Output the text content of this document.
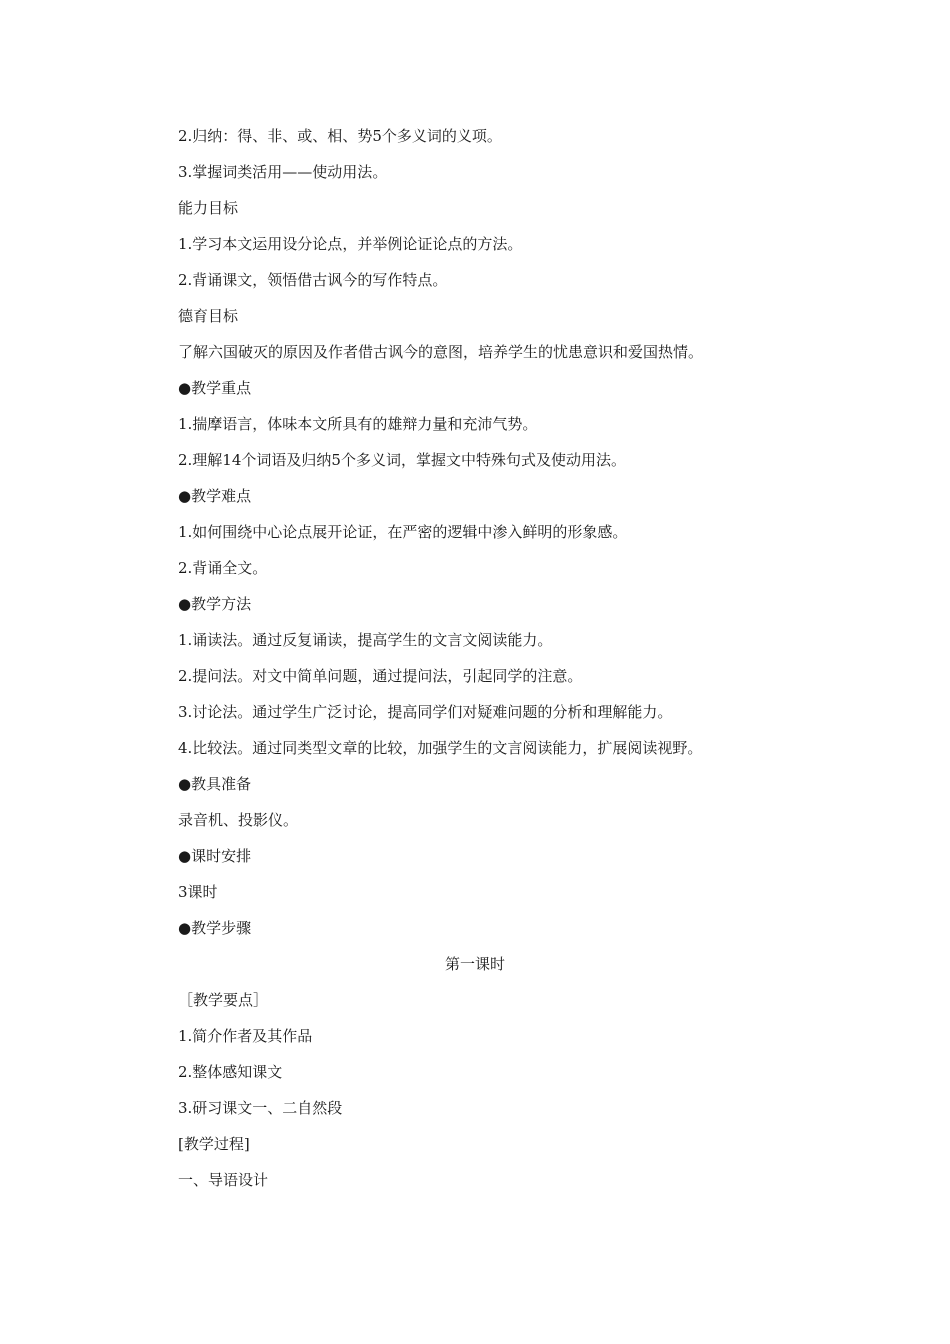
2.归纳：得、非、或、相、势5个多义词的义项。
3.掌握词类活用——使动用法。
能力目标
1.学习本文运用设分论点，并举例论证论点的方法。
2.背诵课文，领悟借古讽今的写作特点。
德育目标
了解六国破灭的原因及作者借古讽今的意图，培养学生的忧患意识和爱国热情。
●教学重点
1.揣摩语言，体味本文所具有的雄辩力量和充沛气势。
2.理解14个词语及归纳5个多义词，掌握文中特殊句式及使动用法。
●教学难点
1.如何围绕中心论点展开论证，在严密的逻辑中渗入鲜明的形象感。
2.背诵全文。
●教学方法
1.诵读法。通过反复诵读，提高学生的文言文阅读能力。
2.提问法。对文中简单问题，通过提问法，引起同学的注意。
3.讨论法。通过学生广泛讨论，提高同学们对疑难问题的分析和理解能力。
4.比较法。通过同类型文章的比较，加强学生的文言阅读能力，扩展阅读视野。
●教具准备
录音机、投影仪。
●课时安排
3课时
●教学步骤
第一课时
［教学要点］
1.简介作者及其作品
2.整体感知课文
3.研习课文一、二自然段
[教学过程]
一、导语设计
